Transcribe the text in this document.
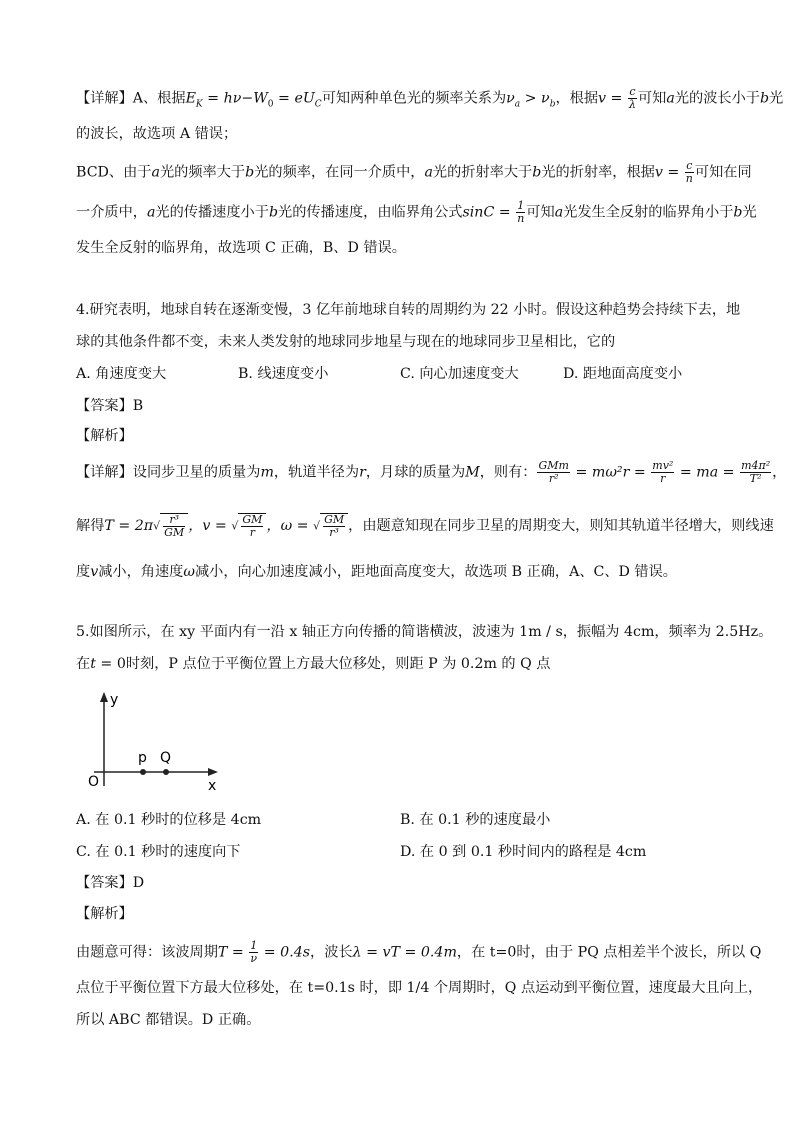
【详解】A、根据$E_K = h\nu-W_0 = eU_C$可知两种单色光的频率关系为$\nu_a > \nu_b$，根据$v = \frac{c}{\lambda}$ 可知a光的波长小于b光
的波长，故选项 A 错误；
BCD、由于a光的频率大于b光的频率，在同一介质中，a光的折射率大于b光的折射率，根据$v = \frac{c}{n}$ 可知在同
一介质中，a光的传播速度小于b光的传播速度，由临界角公式$\sin C = \frac{1}{n}$ 可知a光发生全反射的临界角小于b光
发生全反射的临界角，故选项 C 正确，B、D 错误。
4.研究表明，地球自转在逐渐变慢，3 亿年前地球自转的周期约为 22 小时。假设这种趋势会持续下去，地
球的其他条件都不变，未来人类发射的地球同步地星与现在的地球同步卫星相比，它的
A. 角速度变大	B. 线速度变小	C. 向心加速度变大	D. 距地面高度变小
【答案】B
【解析】
【详解】设同步卫星的质量为m，轨道半径为r，月球的质量为M，则有： $\frac{\text{GMm}}{\text{r²}} = m\omega^2r = \frac{\text{mv²}}{r}$ = ma = $\frac{\text{m4π²}}{\text{T²}}$ ，
解得$T = 2\pi√ \frac{\text{r³}}{GM}$ ，v = √ $\frac{GM}{r}$ ，ω = √ $\frac{GM}{\text{r³}}$ ，由题意知现在同步卫星的周期变大，则知其轨道半径增大，则线速
度v减小，角速度ω减小，向心加速度减小，距地面高度变大，故选项 B 正确，A、C、D 错误。
5.如图所示，在 xy 平面内有一沿 x 轴正方向传播的简谐横波，波速为 1m / s，振幅为 4cm，频率为 2.5Hz。
在t = 0时刻，P 点位于平衡位置上方最大位移处，则距 P 为 0.2m 的 Q 点
y
x
O
p Q
A. 在 0.1 秒时的位移是 4cm	B. 在 0.1 秒的速度最小
C. 在 0.1 秒时的速度向下	D. 在 0 到 0.1 秒时间内的路程是 4cm
【答案】D
【解析】
由题意可得：该波周期$T = \frac{1}{\nu} = 0.4s$，波长λ = vT = 0.4m，在 t=0时，由于 PQ 点相差半个波长，所以 Q
点位于平衡位置下方最大位移处，在 t=0.1s 时，即 1/4 个周期时，Q 点运动到平衡位置，速度最大且向上，
所以 ABC 都错误。D 正确。
